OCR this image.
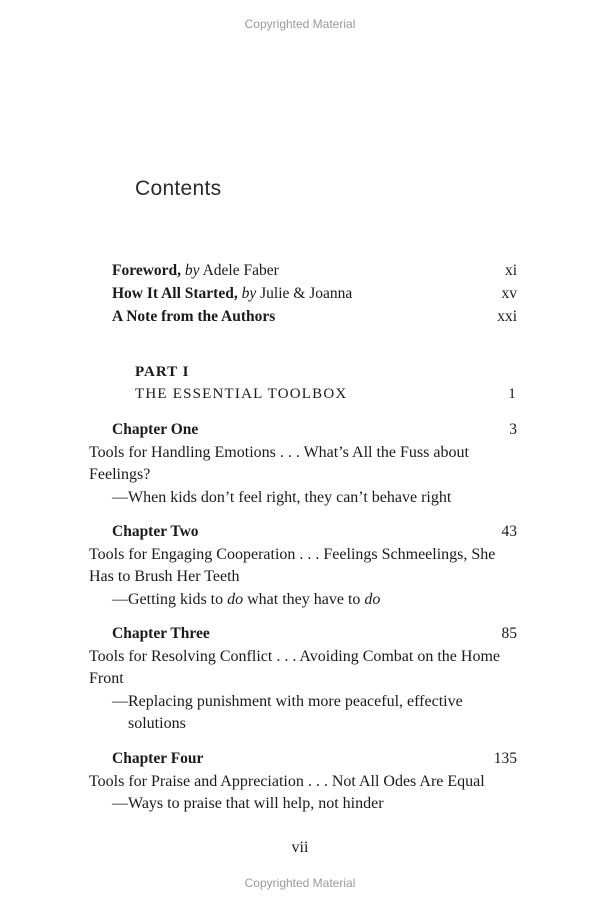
Copyrighted Material
Contents
Foreword, by Adele Faber	xi
How It All Started, by Julie & Joanna	xv
A Note from the Authors	xxi
PART I
THE ESSENTIAL TOOLBOX	1
Chapter One	3
Tools for Handling Emotions . . . What’s All the Fuss about Feelings?
—When kids don’t feel right, they can’t behave right
Chapter Two	43
Tools for Engaging Cooperation . . . Feelings Schmeelings, She Has to Brush Her Teeth
—Getting kids to do what they have to do
Chapter Three	85
Tools for Resolving Conflict . . . Avoiding Combat on the Home Front
—Replacing punishment with more peaceful, effective solutions
Chapter Four	135
Tools for Praise and Appreciation . . . Not All Odes Are Equal
—Ways to praise that will help, not hinder
vii
Copyrighted Material
